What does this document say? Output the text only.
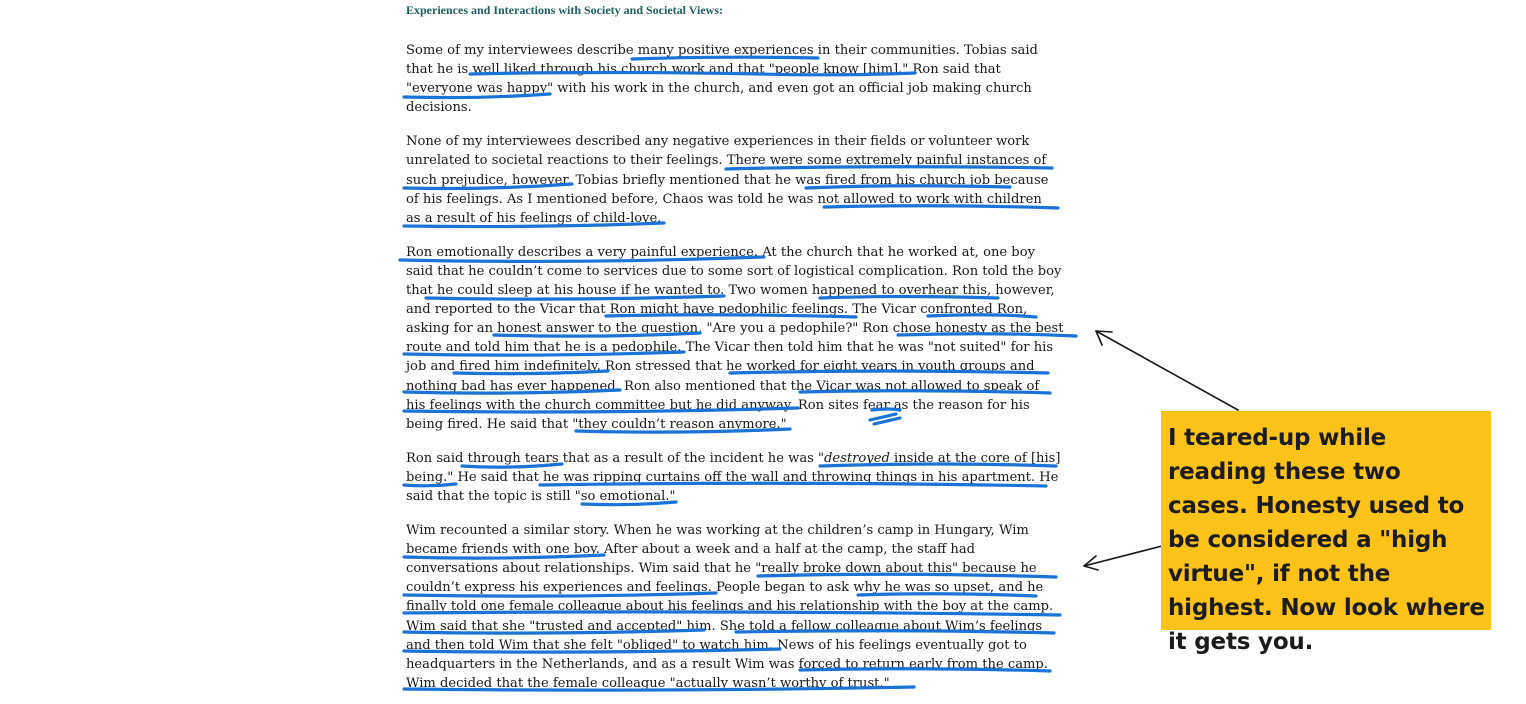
Experiences and Interactions with Society and Societal Views:
Some of my interviewees describe many positive experiences in their communities. Tobias said that he is well liked through his church work and that "people know [him]." Ron said that "everyone was happy" with his work in the church, and even got an official job making church decisions.
None of my interviewees described any negative experiences in their fields or volunteer work unrelated to societal reactions to their feelings. There were some extremely painful instances of such prejudice, however. Tobias briefly mentioned that he was fired from his church job because of his feelings. As I mentioned before, Chaos was told he was not allowed to work with children as a result of his feelings of child-love.
Ron emotionally describes a very painful experience. At the church that he worked at, one boy said that he couldn’t come to services due to some sort of logistical complication. Ron told the boy that he could sleep at his house if he wanted to. Two women happened to overhear this, however, and reported to the Vicar that Ron might have pedophilic feelings. The Vicar confronted Ron, asking for an honest answer to the question, "Are you a pedophile?" Ron chose honesty as the best route and told him that he is a pedophile. The Vicar then told him that he was "not suited" for his job and fired him indefinitely. Ron stressed that he worked for eight years in youth groups and nothing bad has ever happened. Ron also mentioned that the Vicar was not allowed to speak of his feelings with the church committee but he did anyway. Ron sites fear as the reason for his being fired. He said that "they couldn’t reason anymore."
Ron said through tears that as a result of the incident he was "destroyed inside at the core of [his] being." He said that he was ripping curtains off the wall and throwing things in his apartment. He said that the topic is still "so emotional."
Wim recounted a similar story. When he was working at the children’s camp in Hungary, Wim became friends with one boy. After about a week and a half at the camp, the staff had conversations about relationships. Wim said that he "really broke down about this" because he couldn’t express his experiences and feelings. People began to ask why he was so upset, and he finally told one female colleague about his feelings and his relationship with the boy at the camp. Wim said that she "trusted and accepted" him. She told a fellow colleague about Wim’s feelings and then told Wim that she felt "obliged" to watch him. News of his feelings eventually got to headquarters in the Netherlands, and as a result Wim was forced to return early from the camp. Wim decided that the female colleague "actually wasn’t worthy of trust."
I teared-up while reading these two cases. Honesty used to be considered a "high virtue", if not the highest. Now look where it gets you.
